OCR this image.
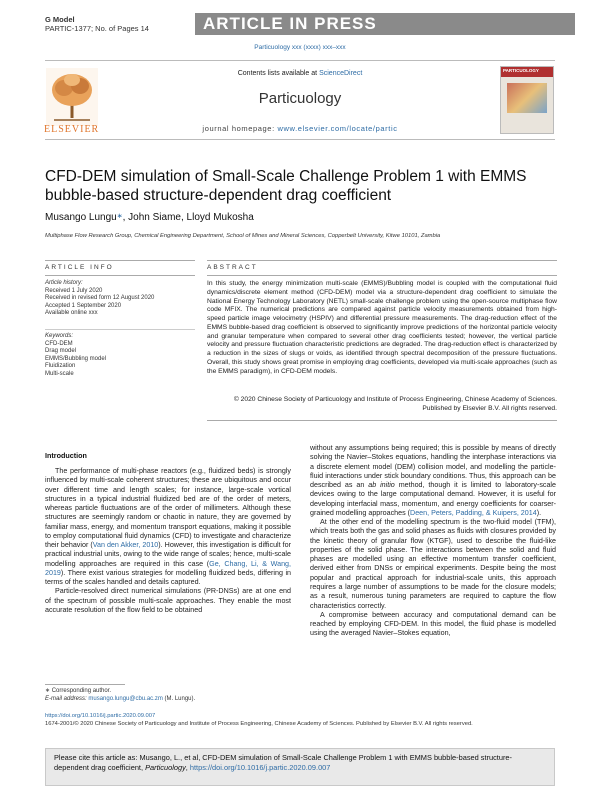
G Model
PARTIC-1377; No. of Pages 14	ARTICLE IN PRESS
Particuology xxx (xxxx) xxx–xxx
ELSEVIER
Contents lists available at ScienceDirect
Particuology
journal homepage: www.elsevier.com/locate/partic
PARTICUOLOGY
CFD-DEM simulation of Small-Scale Challenge Problem 1 with EMMS bubble-based structure-dependent drag coefficient
Musango Lungu∗, John Siame, Lloyd Mukosha
Multiphase Flow Research Group, Chemical Engineering Department, School of Mines and Mineral Sciences, Copperbelt University, Kitwe 10101, Zambia
ARTICLE INFO	ABSTRACT
Article history:
Received 1 July 2020
Received in revised form 12 August 2020
Accepted 1 September 2020
Available online xxx
Keywords:
CFD-DEM
Drag model
EMMS/Bubbling model
Fluidization
Multi-scale
In this study, the energy minimization multi-scale (EMMS)/Bubbling model is coupled with the computational fluid dynamics/discrete element method (CFD-DEM) model via a structure-dependent drag coefficient to simulate the National Energy Technology Laboratory (NETL) small-scale challenge problem using the open-source multiphase flow code MFIX. The numerical predictions are compared against particle velocity measurements obtained from high-speed particle image velocimetry (HSPIV) and differential pressure measurements. The drag-reduction effect of the EMMS bubble-based drag coefficient is observed to significantly improve predictions of the horizontal particle velocity and granular temperature when compared to several other drag coefficients tested; however, the vertical particle velocity and pressure fluctuation characteristic predictions are degraded. The drag-reduction effect is characterized by a reduction in the sizes of slugs or voids, as identified through spectral decomposition of the pressure fluctuations. Overall, this study shows great promise in employing drag coefficients, developed via multi-scale approaches (such as the EMMS paradigm), in CFD-DEM models.
© 2020 Chinese Society of Particuology and Institute of Process Engineering, Chinese Academy of Sciences. Published by Elsevier B.V. All rights reserved.
Introduction

The performance of multi-phase reactors (e.g., fluidized beds) is strongly influenced by multi-scale coherent structures; these are ubiquitous and occur over different time and length scales; for instance, large-scale vortical structures in a typical industrial fluidized bed are of the order of meters, whereas particle fluctuations are of the order of millimeters. Although these structures are seemingly random or chaotic in nature, they are governed by familiar mass, energy, and momentum transport equations, making it possible to employ computational fluid dynamics (CFD) to investigate and characterize their behavior (Van den Akker, 2010). However, this investigation is difficult for practical industrial units, owing to the wide range of scales; hence, multi-scale modelling approaches are required in this case (Ge, Chang, Li, & Wang, 2019). There exist various strategies for modelling fluidized beds, differing in terms of the scales handled and details captured.

Particle-resolved direct numerical simulations (PR-DNSs) are at one end of the spectrum of possible multi-scale approaches. They enable the most accurate resolution of the flow field to be obtained

without any assumptions being required; this is possible by means of directly solving the Navier–Stokes equations, handling the interphase interactions via a discrete element model (DEM) collision model, and modelling the particle-fluid interactions under stick boundary conditions. Thus, this approach can be described as an ab initio method, though it is limited to laboratory-scale devices owing to the large computational demand. However, it is useful for developing interfacial mass, momentum, and energy coefficients for coarser-grained modelling approaches (Deen, Peters, Padding, & Kuipers, 2014).

At the other end of the modelling spectrum is the two-fluid model (TFM), which treats both the gas and solid phases as fluids with closures provided by the kinetic theory of granular flow (KTGF), used to describe the fluid-like properties of the solid phase. The interactions between the solid and fluid phases are modelled using an effective momentum transfer coefficient, derived either from DNSs or empirical experiments. Despite being the most popular and practical approach for industrial-scale units, this approach requires a large number of assumptions to be made for the closure models; as a result, numerous tuning parameters are required to capture the flow characteristics correctly.

A compromise between accuracy and computational demand can be reached by employing CFD-DEM. In this model, the fluid phase is modelled using the averaged Navier–Stokes equation,

∗ Corresponding author.
E-mail address: musango.lungu@cbu.ac.zm (M. Lungu).
https://doi.org/10.1016/j.partic.2020.09.007
1674-2001/© 2020 Chinese Society of Particuology and Institute of Process Engineering, Chinese Academy of Sciences. Published by Elsevier B.V. All rights reserved.
Please cite this article as: Musango, L., et al, CFD-DEM simulation of Small-Scale Challenge Problem 1 with EMMS bubble-based structure-dependent drag coefficient, Particuology, https://doi.org/10.1016/j.partic.2020.09.007
